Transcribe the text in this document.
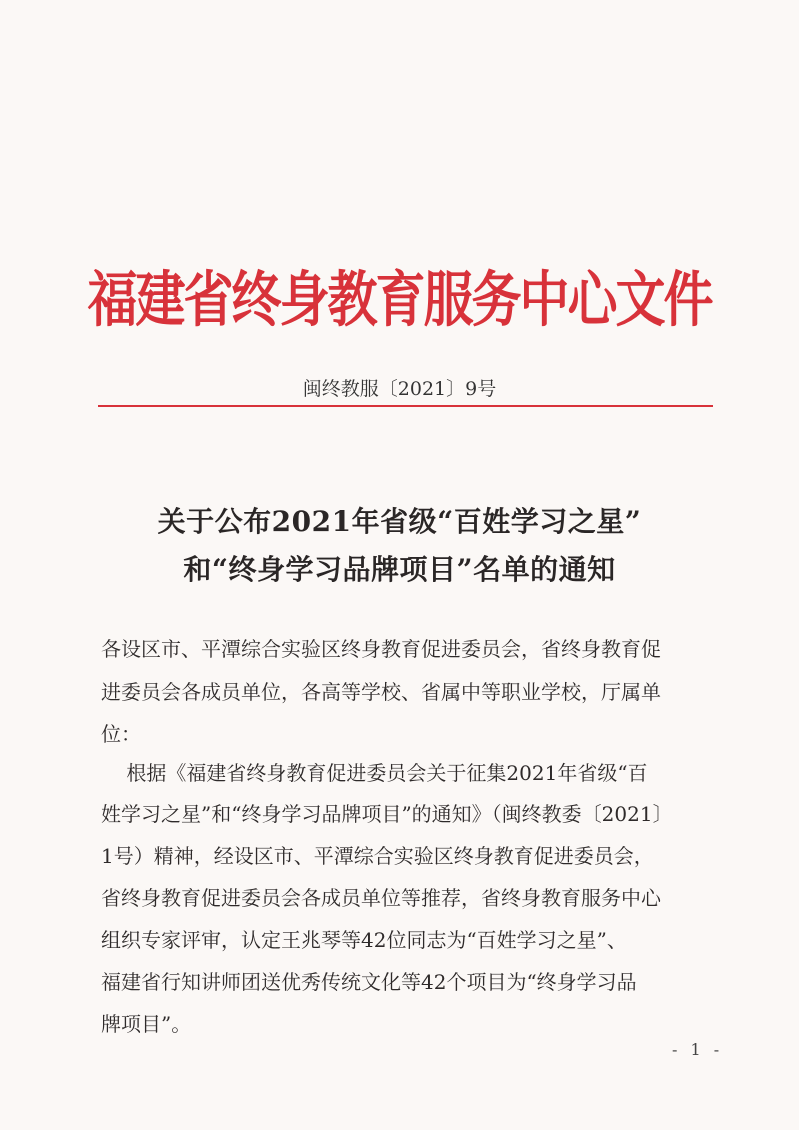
福建省终身教育服务中心文件
闽终教服〔2021〕9号
关于公布2021年省级“百姓学习之星”
和“终身学习品牌项目”名单的通知
各设区市、平潭综合实验区终身教育促进委员会，省终身教育促
进委员会各成员单位，各高等学校、省属中等职业学校，厅属单
位：
根据《福建省终身教育促进委员会关于征集2021年省级“百
姓学习之星”和“终身学习品牌项目”的通知》（闽终教委〔2021〕
1号）精神，经设区市、平潭综合实验区终身教育促进委员会，
省终身教育促进委员会各成员单位等推荐，省终身教育服务中心
组织专家评审，认定王兆琴等42位同志为“百姓学习之星”、
福建省行知讲师团送优秀传统文化等42个项目为“终身学习品
牌项目”。
- 1 -
